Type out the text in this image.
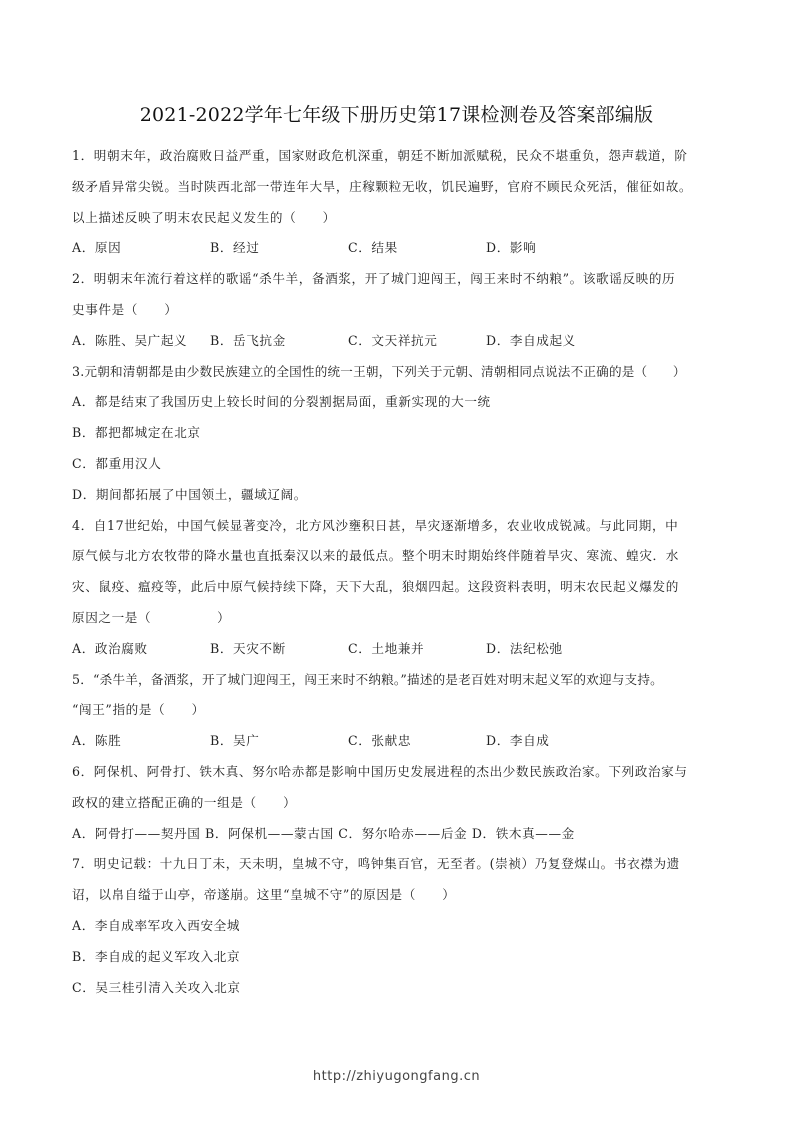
2021-2022学年七年级下册历史第17课检测卷及答案部编版
1．明朝末年，政治腐败日益严重，国家财政危机深重，朝廷不断加派赋税，民众不堪重负，怨声载道，阶
级矛盾异常尖锐。当时陕西北部一带连年大旱，庄稼颗粒无收，饥民遍野，官府不顾民众死活，催征如故。
以上描述反映了明末农民起义发生的（　　）
A．原因	B．经过	C．结果	D．影响
2．明朝末年流行着这样的歌谣“杀牛羊，备酒浆，开了城门迎闯王，闯王来时不纳粮”。该歌谣反映的历
史事件是（　　）
A．陈胜、吴广起义	B．岳飞抗金	C．文天祥抗元	D．李自成起义
3.元朝和清朝都是由少数民族建立的全国性的统一王朝，下列关于元朝、清朝相同点说法不正确的是（　　）
A．都是结束了我国历史上较长时间的分裂割据局面，重新实现的大一统
B．都把都城定在北京
C．都重用汉人
D．期间都拓展了中国领土，疆域辽阔。
4．自17世纪始，中国气候显著变冷，北方风沙壅积日甚，旱灾逐渐增多，农业收成锐减。与此同期，中
原气候与北方农牧带的降水量也直抵秦汉以来的最低点。整个明末时期始终伴随着旱灾、寒流、蝗灾．水
灾、鼠疫、瘟疫等，此后中原气候持续下降，天下大乱，狼烟四起。这段资料表明，明末农民起义爆发的
原因之一是（　　　　　）
A．政治腐败	B．天灾不断	C．土地兼并	D．法纪松弛
5．“杀牛羊，备酒浆，开了城门迎闯王，闯王来时不纳粮。”描述的是老百姓对明末起义军的欢迎与支持。
“闯王”指的是（　　）
A．陈胜	B．吴广	C．张献忠	D．李自成
6．阿保机、阿骨打、铁木真、努尔哈赤都是影响中国历史发展进程的杰出少数民族政治家。下列政治家与
政权的建立搭配正确的一组是（　　）
A．阿骨打——契丹国 B．阿保机——蒙古国 C．努尔哈赤——后金 D．铁木真——金
7．明史记载：十九日丁未，天未明，皇城不守，鸣钟集百官，无至者。(崇祯）乃复登煤山。书衣襟为遗
诏，以帛自缢于山亭，帝遂崩。这里“皇城不守”的原因是（　　）
A．李自成率军攻入西安全城
B．李自成的起义军攻入北京
C．吴三桂引清入关攻入北京
http://zhiyugongfang.cn
